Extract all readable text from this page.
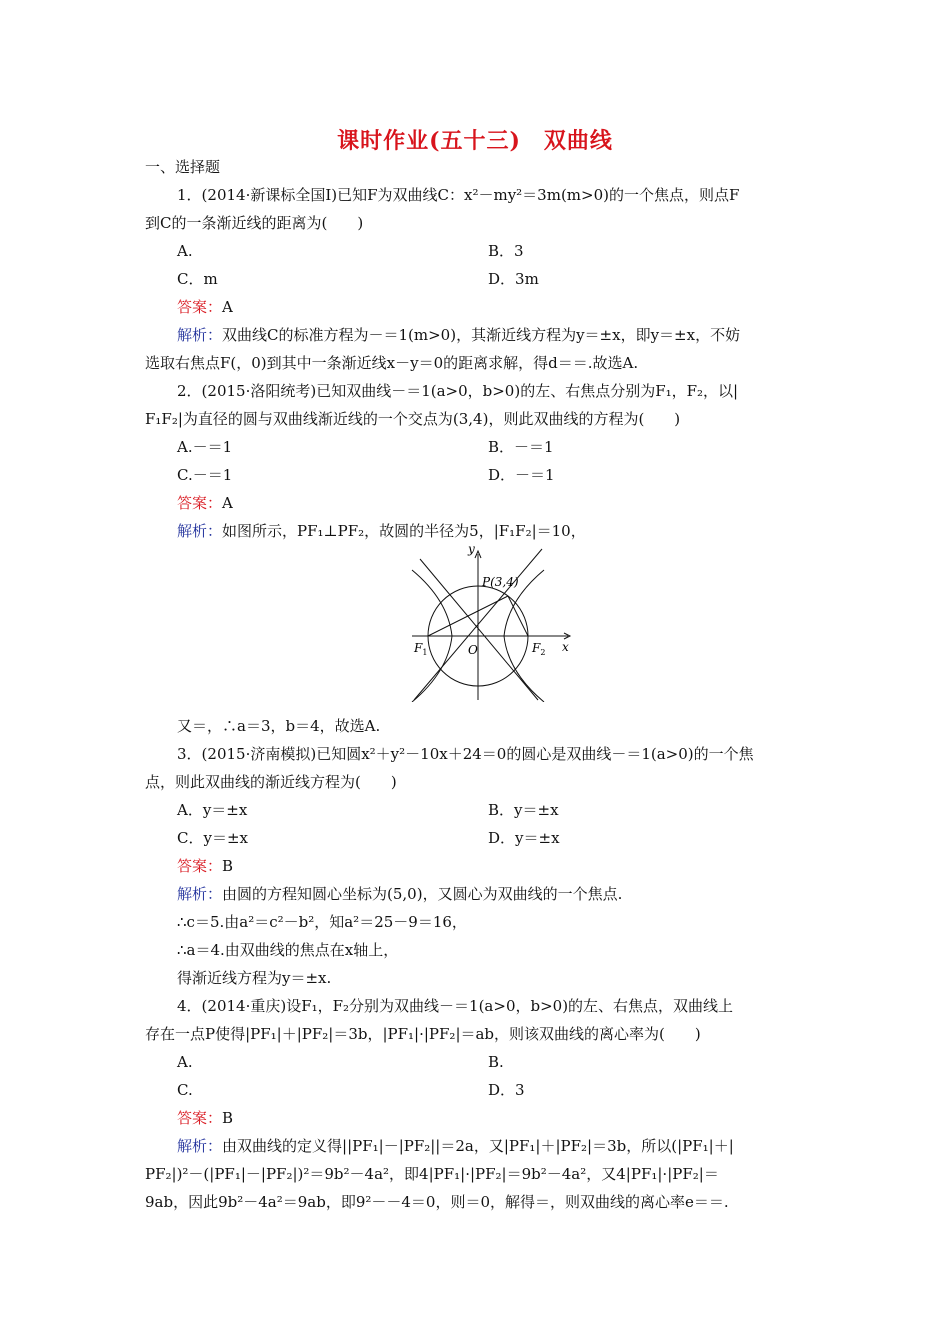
课时作业(五十三)　双曲线
一、选择题
1．(2014·新课标全国Ⅰ)已知F为双曲线C：x²－my²＝3m(m>0)的一个焦点，则点F
到C的一条渐近线的距离为(　　)
A.	B．3
C．m	D．3m
答案：A
解析：双曲线C的标准方程为－＝1(m>0)，其渐近线方程为y＝±x，即y＝±x，不妨
选取右焦点F(，0)到其中一条渐近线x－y＝0的距离求解，得d＝＝.故选A.
2．(2015·洛阳统考)已知双曲线－＝1(a>0，b>0)的左、右焦点分别为F₁，F₂，以|
F₁F₂|为直径的圆与双曲线渐近线的一个交点为(3,4)，则此双曲线的方程为(　　)
A.－＝1	B．－＝1
C.－＝1	D．－＝1
答案：A
解析：如图所示，PF₁⊥PF₂，故圆的半径为5，|F₁F₂|＝10，
y
x
P(3,4)
O
$F_1$	$F_2$
又＝，∴a＝3，b＝4，故选A.
3．(2015·济南模拟)已知圆x²＋y²－10x＋24＝0的圆心是双曲线－＝1(a>0)的一个焦
点，则此双曲线的渐近线方程为(　　)
A．y＝±x	B．y＝±x
C．y＝±x	D．y＝±x
答案：B
解析：由圆的方程知圆心坐标为(5,0)，又圆心为双曲线的一个焦点.
∴c＝5.由a²＝c²－b²，知a²＝25－9＝16，
∴a＝4.由双曲线的焦点在x轴上，
得渐近线方程为y＝±x.
4．(2014·重庆)设F₁，F₂分别为双曲线－＝1(a>0，b>0)的左、右焦点，双曲线上
存在一点P使得|PF₁|＋|PF₂|＝3b，|PF₁|·|PF₂|＝ab，则该双曲线的离心率为(　　)
A.	B.
C.	D．3
答案：B
解析：由双曲线的定义得||PF₁|－|PF₂||＝2a，又|PF₁|＋|PF₂|＝3b，所以(|PF₁|＋|
PF₂|)²－(|PF₁|－|PF₂|)²＝9b²－4a²，即4|PF₁|·|PF₂|＝9b²－4a²，又4|PF₁|·|PF₂|＝
9ab，因此9b²－4a²＝9ab，即9²－－4＝0，则＝0，解得＝，则双曲线的离心率e＝＝.
